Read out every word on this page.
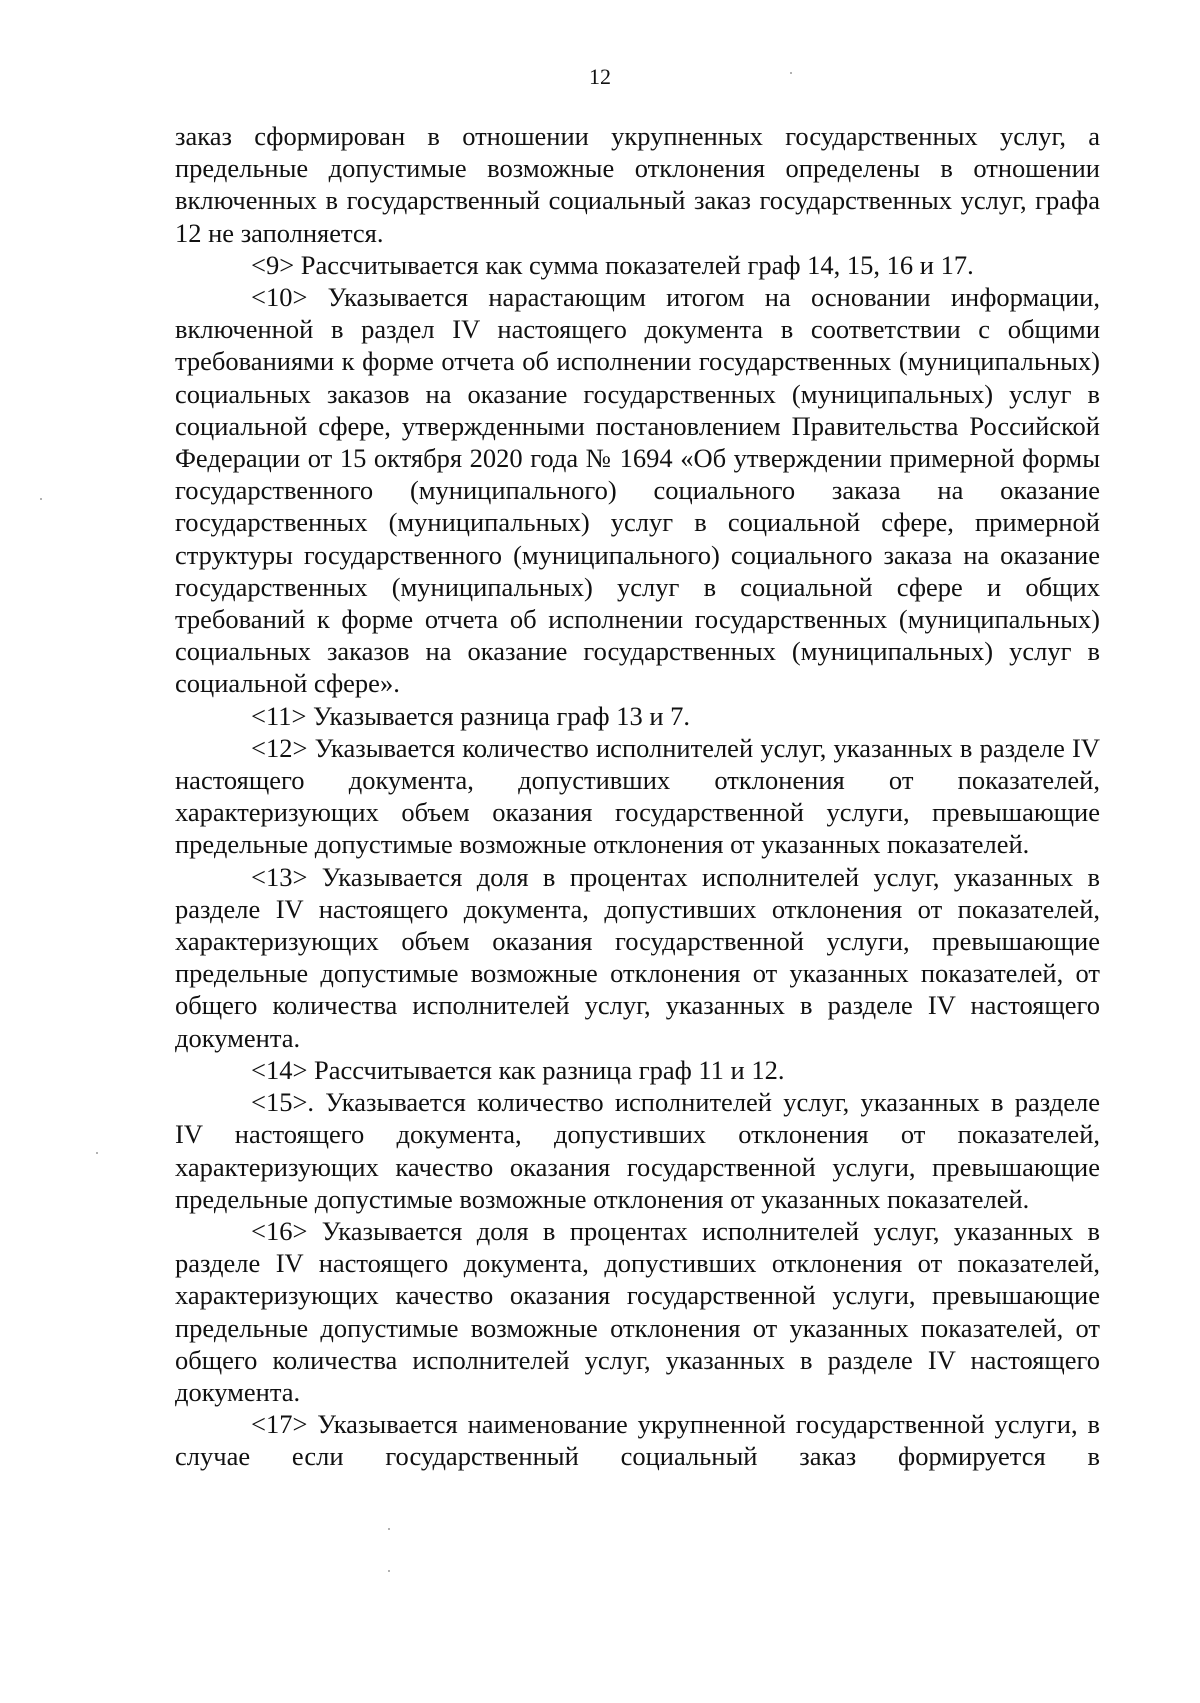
12

заказ сформирован в отношении укрупненных государственных услуг, а предельные допустимые возможные отклонения определены в отношении включенных в государственный социальный заказ государственных услуг, графа 12 не заполняется.

<9> Рассчитывается как сумма показателей граф 14, 15, 16 и 17.

<10> Указывается нарастающим итогом на основании информации, включенной в раздел IV настоящего документа в соответствии с общими требованиями к форме отчета об исполнении государственных (муниципальных) социальных заказов на оказание государственных (муниципальных) услуг в социальной сфере, утвержденными постановлением Правительства Российской Федерации от 15 октября 2020 года № 1694 «Об утверждении примерной формы государственного (муниципального) социального заказа на оказание государственных (муниципальных) услуг в социальной сфере, примерной структуры государственного (муниципального) социального заказа на оказание государственных (муниципальных) услуг в социальной сфере и общих требований к форме отчета об исполнении государственных (муниципальных) социальных заказов на оказание государственных (муниципальных) услуг в социальной сфере».

<11> Указывается разница граф 13 и 7.

<12> Указывается количество исполнителей услуг, указанных в разделе IV настоящего документа, допустивших отклонения от показателей, характеризующих объем оказания государственной услуги, превышающие предельные допустимые возможные отклонения от указанных показателей.

<13> Указывается доля в процентах исполнителей услуг, указанных в разделе IV настоящего документа, допустивших отклонения от показателей, характеризующих объем оказания государственной услуги, превышающие предельные допустимые возможные отклонения от указанных показателей, от общего количества исполнителей услуг, указанных в разделе IV настоящего документа.

<14> Рассчитывается как разница граф 11 и 12.

<15>. Указывается количество исполнителей услуг, указанных в разделе IV настоящего документа, допустивших отклонения от показателей, характеризующих качество оказания государственной услуги, превышающие предельные допустимые возможные отклонения от указанных показателей.

<16> Указывается доля в процентах исполнителей услуг, указанных в разделе IV настоящего документа, допустивших отклонения от показателей, характеризующих качество оказания государственной услуги, превышающие предельные допустимые возможные отклонения от указанных показателей, от общего количества исполнителей услуг, указанных в разделе IV настоящего документа.

<17> Указывается наименование укрупненной государственной услуги, в случае если государственный социальный заказ формируется в
